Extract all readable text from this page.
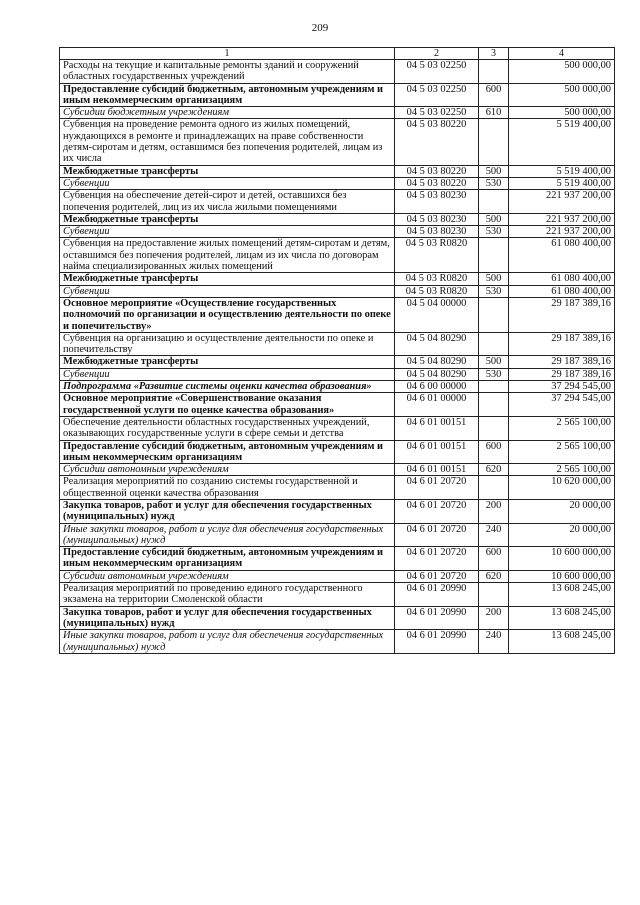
209
1	2	3	4
Расходы на текущие и капитальные ремонты зданий и сооружений областных государственных учреждений	04 5 03 02250		500 000,00
Предоставление субсидий бюджетным, автономным учреждениям и иным некоммерческим организациям	04 5 03 02250	600	500 000,00
Субсидии бюджетным учреждениям	04 5 03 02250	610	500 000,00
Субвенция на проведение ремонта одного из жилых помещений, нуждающихся в ремонте и принадлежащих на праве собственности детям-сиротам и детям, оставшимся без попечения родителей, лицам из их числа	04 5 03 80220		5 519 400,00
Межбюджетные трансферты	04 5 03 80220	500	5 519 400,00
Субвенции	04 5 03 80220	530	5 519 400,00
Субвенция на обеспечение детей-сирот и детей, оставшихся без попечения родителей, лиц из их числа жилыми помещениями	04 5 03 80230		221 937 200,00
Межбюджетные трансферты	04 5 03 80230	500	221 937 200,00
Субвенции	04 5 03 80230	530	221 937 200,00
Субвенция на предоставление жилых помещений детям-сиротам и детям, оставшимся без попечения родителей, лицам из их числа по договорам найма специализированных жилых помещений	04 5 03 R0820		61 080 400,00
Межбюджетные трансферты	04 5 03 R0820	500	61 080 400,00
Субвенции	04 5 03 R0820	530	61 080 400,00
Основное мероприятие «Осуществление государственных полномочий по организации и осуществлению деятельности по опеке и попечительству»	04 5 04 00000		29 187 389,16
Субвенция на организацию и осуществление деятельности по опеке и попечительству	04 5 04 80290		29 187 389,16
Межбюджетные трансферты	04 5 04 80290	500	29 187 389,16
Субвенции	04 5 04 80290	530	29 187 389,16
Подпрограмма «Развитие системы оценки качества образования»	04 6 00 00000		37 294 545,00
Основное мероприятие «Совершенствование оказания государственной услуги по оценке качества образования»	04 6 01 00000		37 294 545,00
Обеспечение деятельности областных государственных учреждений, оказывающих государственные услуги в сфере семьи и детства	04 6 01 00151		2 565 100,00
Предоставление субсидий бюджетным, автономным учреждениям и иным некоммерческим организациям	04 6 01 00151	600	2 565 100,00
Субсидии автономным учреждениям	04 6 01 00151	620	2 565 100,00
Реализация мероприятий по созданию системы государственной и общественной оценки качества образования	04 6 01 20720		10 620 000,00
Закупка товаров, работ и услуг для обеспечения государственных (муниципальных) нужд	04 6 01 20720	200	20 000,00
Иные закупки товаров, работ и услуг для обеспечения государственных (муниципальных) нужд	04 6 01 20720	240	20 000,00
Предоставление субсидий бюджетным, автономным учреждениям и иным некоммерческим организациям	04 6 01 20720	600	10 600 000,00
Субсидии автономным учреждениям	04 6 01 20720	620	10 600 000,00
Реализация мероприятий по проведению единого государственного экзамена на территории Смоленской области	04 6 01 20990		13 608 245,00
Закупка товаров, работ и услуг для обеспечения государственных (муниципальных) нужд	04 6 01 20990	200	13 608 245,00
Иные закупки товаров, работ и услуг для обеспечения государственных (муниципальных) нужд	04 6 01 20990	240	13 608 245,00
